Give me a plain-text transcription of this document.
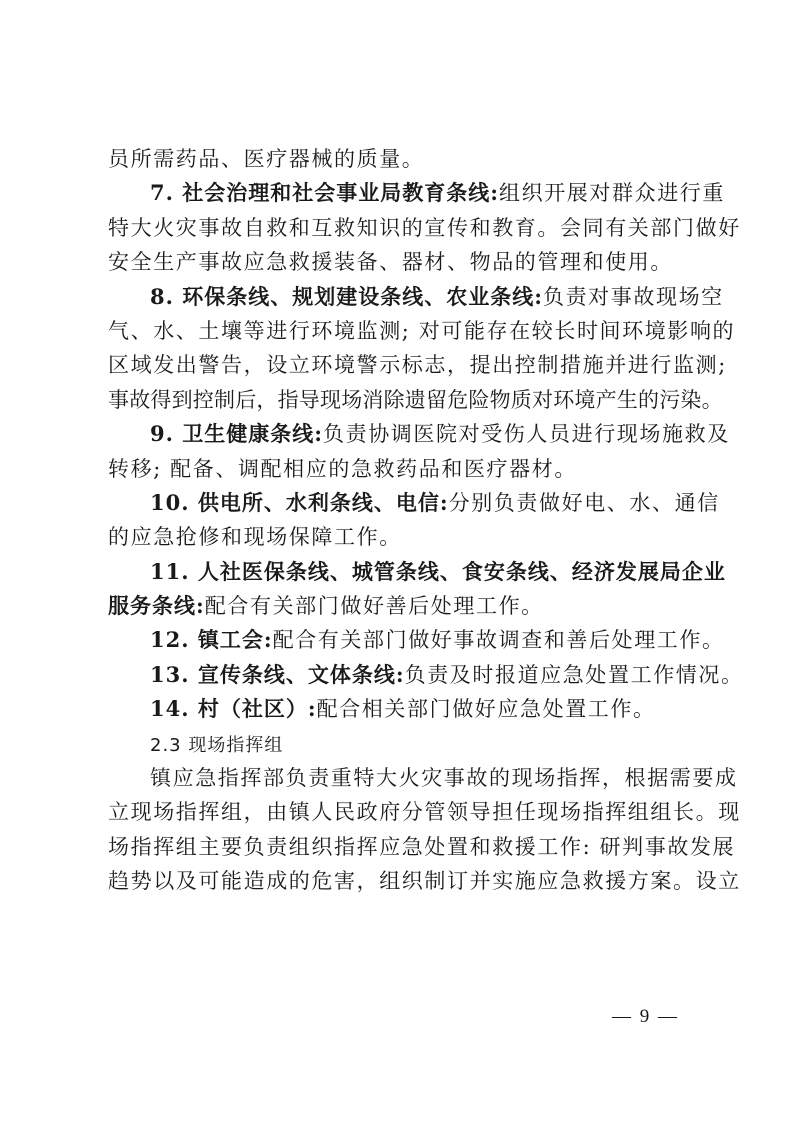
员所需药品、医疗器械的质量。
7. 社会治理和社会事业局教育条线:组织开展对群众进行重
特大火灾事故自救和互救知识的宣传和教育。会同有关部门做好
安全生产事故应急救援装备、器材、物品的管理和使用。
8. 环保条线、规划建设条线、农业条线:负责对事故现场空
气、水、土壤等进行环境监测; 对可能存在较长时间环境影响的
区域发出警告，设立环境警示标志，提出控制措施并进行监测;
事故得到控制后，指导现场消除遗留危险物质对环境产生的污染。
9. 卫生健康条线:负责协调医院对受伤人员进行现场施救及
转移; 配备、调配相应的急救药品和医疗器材。
10. 供电所、水利条线、电信:分别负责做好电、水、通信
的应急抢修和现场保障工作。
11. 人社医保条线、城管条线、食安条线、经济发展局企业
服务条线:配合有关部门做好善后处理工作。
12. 镇工会:配合有关部门做好事故调查和善后处理工作。
13. 宣传条线、文体条线:负责及时报道应急处置工作情况。
14. 村（社区）:配合相关部门做好应急处置工作。
2.3 现场指挥组
镇应急指挥部负责重特大火灾事故的现场指挥，根据需要成
立现场指挥组，由镇人民政府分管领导担任现场指挥组组长。现
场指挥组主要负责组织指挥应急处置和救援工作: 研判事故发展
趋势以及可能造成的危害，组织制订并实施应急救援方案。设立
— 9 —
